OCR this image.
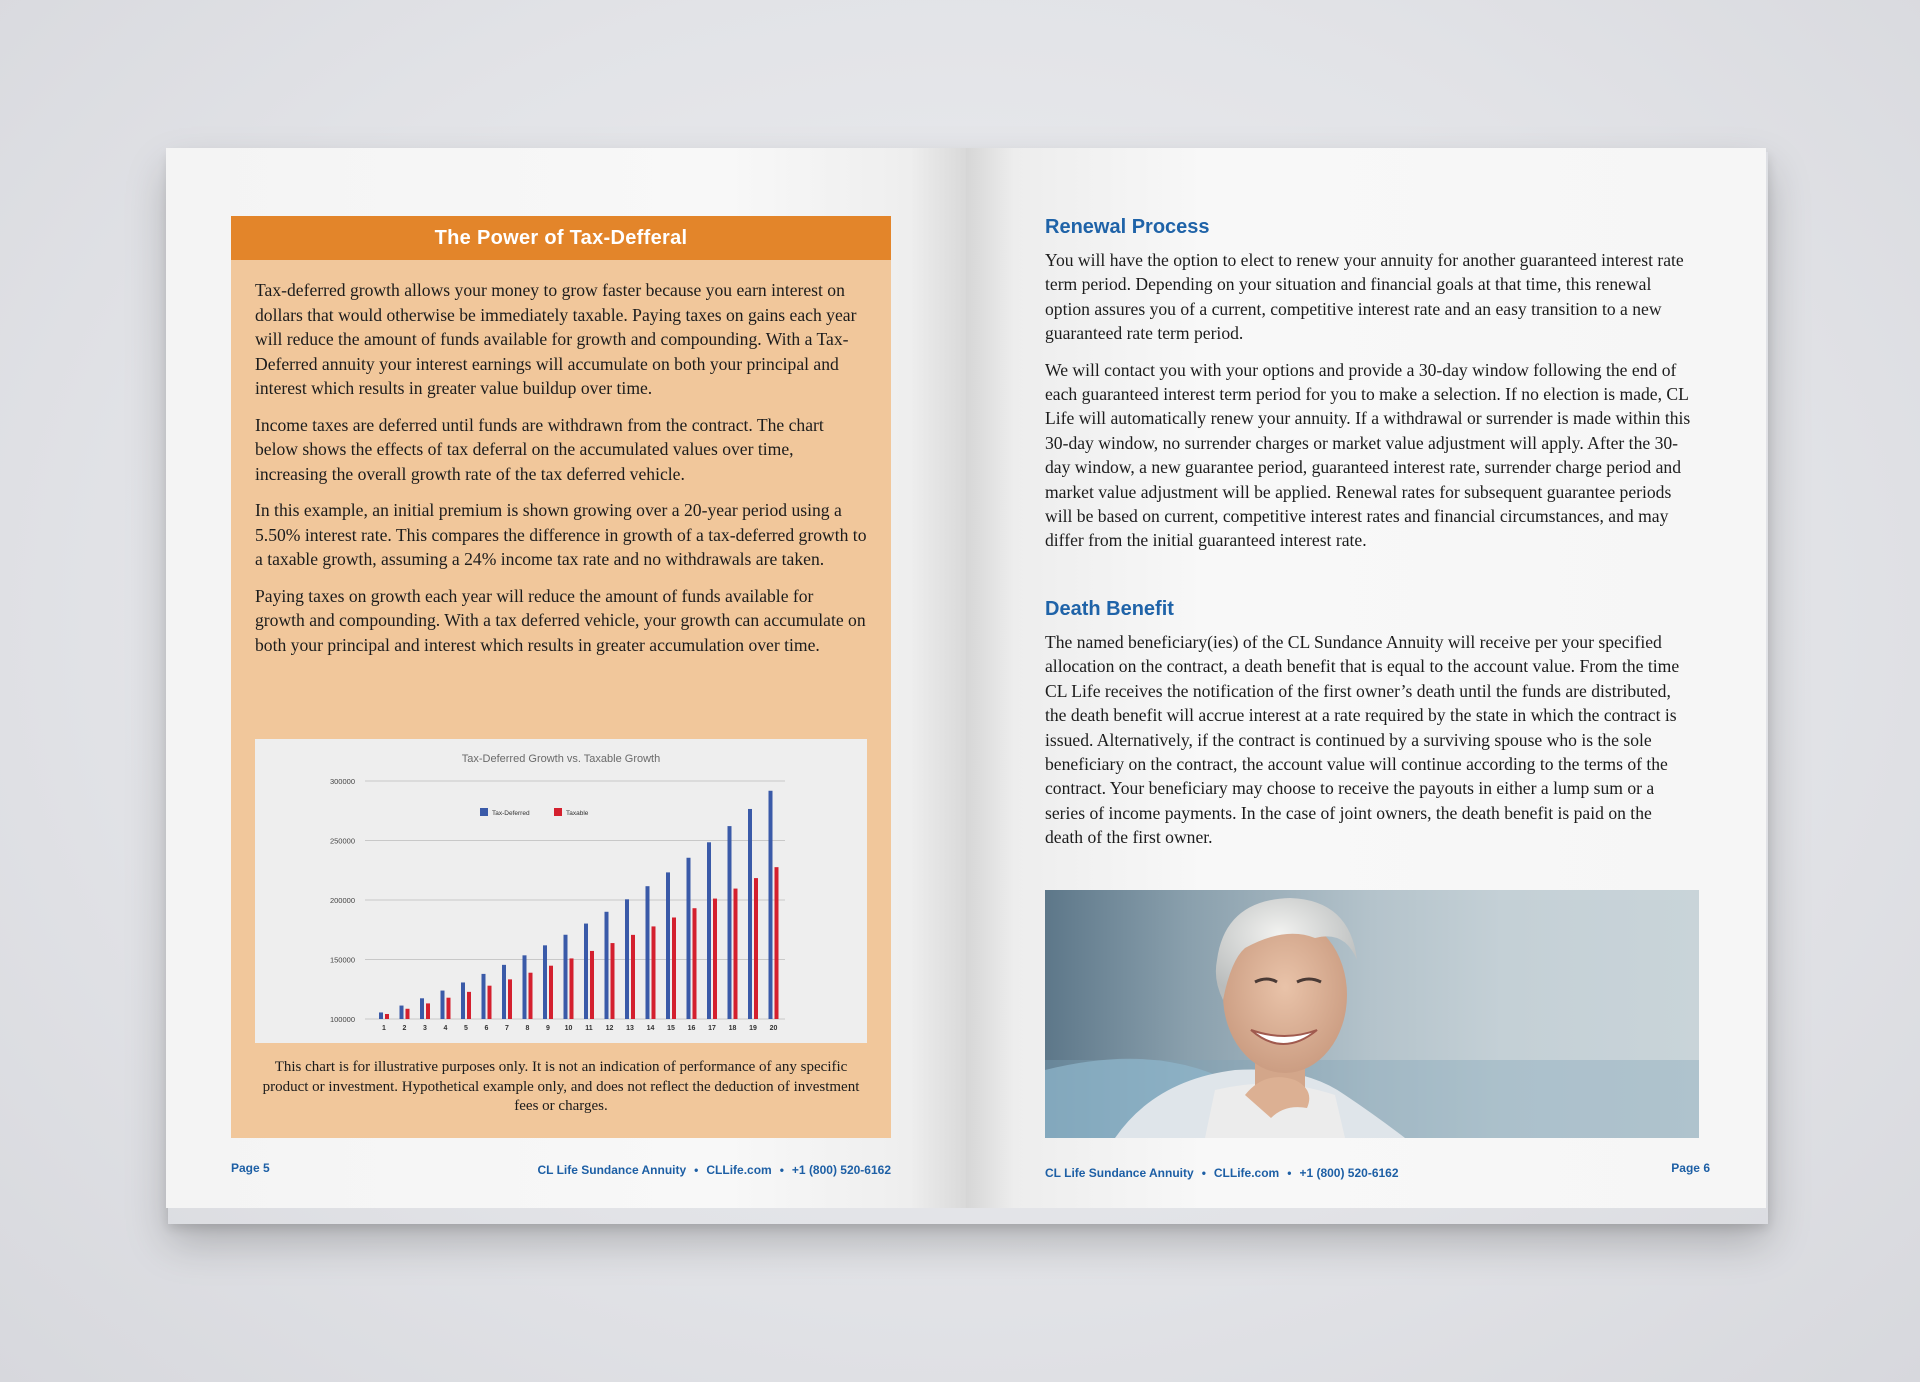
The Power of Tax-Defferal

Tax-deferred growth allows your money to grow faster because you earn interest on dollars that would otherwise be immediately taxable. Paying taxes on gains each year will reduce the amount of funds available for growth and compounding. With a Tax-Deferred annuity your interest earnings will accumulate on both your principal and interest which results in greater value buildup over time.

Income taxes are deferred until funds are withdrawn from the contract. The chart below shows the effects of tax deferral on the accumulated values over time, increasing the overall growth rate of the tax deferred vehicle.

In this example, an initial premium is shown growing over a 20-year period using a 5.50% interest rate. This compares the difference in growth of a tax-deferred growth to a taxable growth, assuming a 24% income tax rate and no withdrawals are taken.

Paying taxes on growth each year will reduce the amount of funds available for growth and compounding. With a tax deferred vehicle, your growth can accumulate on both your principal and interest which results in greater accumulation over time.

Tax-Deferred Growth vs. Taxable Growth
300000
250000
200000
150000
100000
1 2 3 4 5 6 7 8 9 10 11 12 13 14 15 16 17 18 19 20
Tax-Deferred	Taxable
This chart is for illustrative purposes only. It is not an indication of performance of any specific product or investment. Hypothetical example only, and does not reflect the deduction of investment fees or charges.
Page 5	CL Life Sundance Annuity • CLLife.com • +1 (800) 520-6162
Renewal Process

You will have the option to elect to renew your annuity for another guaranteed interest rate term period. Depending on your situation and financial goals at that time, this renewal option assures you of a current, competitive interest rate and an easy transition to a new guaranteed rate term period.

We will contact you with your options and provide a 30-day window following the end of each guaranteed interest term period for you to make a selection. If no election is made, CL Life will automatically renew your annuity. If a withdrawal or surrender is made within this 30-day window, no surrender charges or market value adjustment will apply. After the 30-day window, a new guarantee period, guaranteed interest rate, surrender charge period and market value adjustment will be applied. Renewal rates for subsequent guarantee periods will be based on current, competitive interest rates and financial circumstances, and may differ from the initial guaranteed interest rate.

Death Benefit

The named beneficiary(ies) of the CL Sundance Annuity will receive per your specified allocation on the contract, a death benefit that is equal to the account value. From the time CL Life receives the notification of the first owner’s death until the funds are distributed, the death benefit will accrue interest at a rate required by the state in which the contract is issued. Alternatively, if the contract is continued by a surviving spouse who is the sole beneficiary on the contract, the account value will continue according to the terms of the contract. Your beneficiary may choose to receive the payouts in either a lump sum or a series of income payments. In the case of joint owners, the death benefit is paid on the death of the first owner.

CL Life Sundance Annuity • CLLife.com • +1 (800) 520-6162	Page 6
